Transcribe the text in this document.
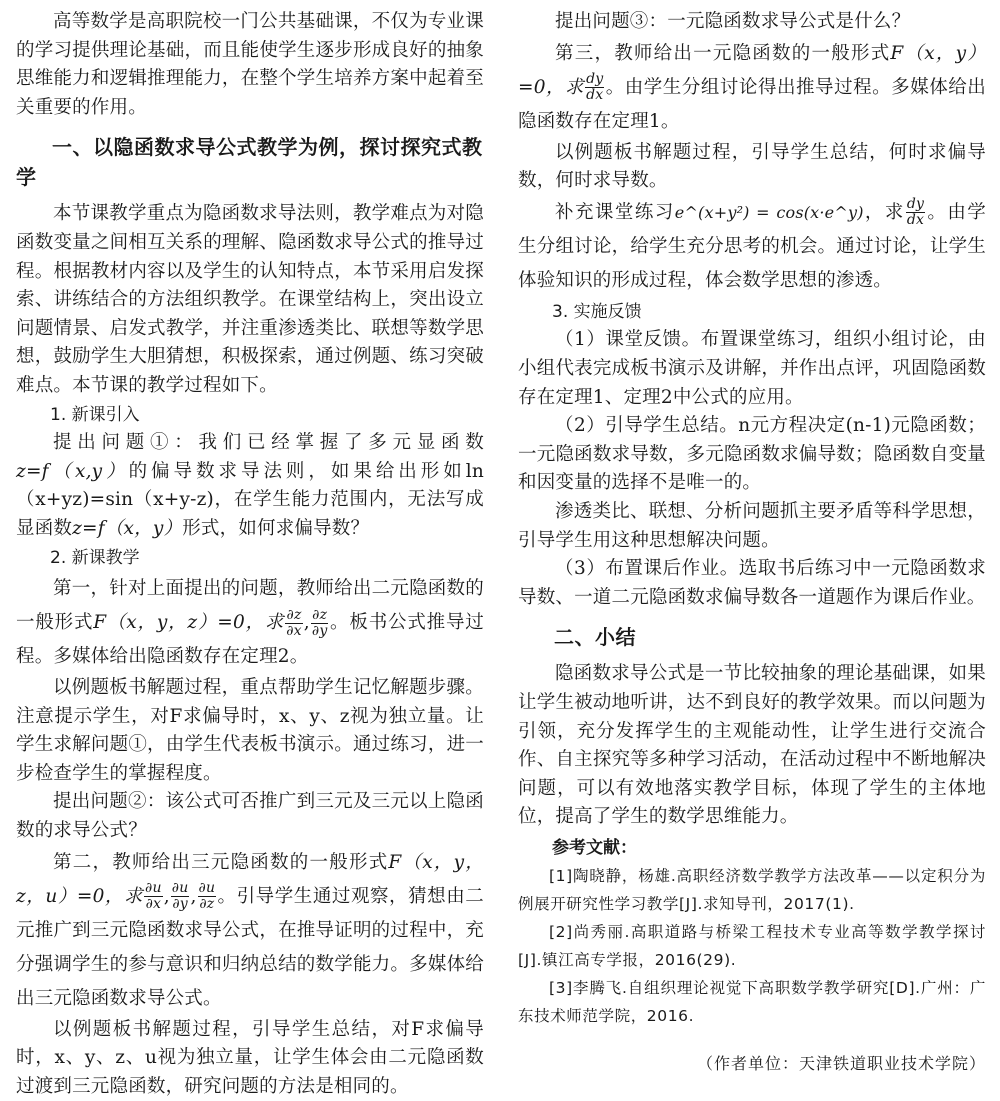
高等数学是高职院校一门公共基础课，不仅为专业课的学习提供理论基础，而且能使学生逐步形成良好的抽象思维能力和逻辑推理能力，在整个学生培养方案中起着至关重要的作用。

一、以隐函数求导公式教学为例，探讨探究式教学

本节课教学重点为隐函数求导法则，教学难点为对隐函数变量之间相互关系的理解、隐函数求导公式的推导过程。根据教材内容以及学生的认知特点，本节采用启发探索、讲练结合的方法组织教学。在课堂结构上，突出设立问题情景、启发式教学，并注重渗透类比、联想等数学思想，鼓励学生大胆猜想，积极探索，通过例题、练习突破难点。本节课的教学过程如下。

1. 新课引入

提出问题①：我们已经掌握了多元显函数z=f（x,y）的偏导数求导法则，如果给出形如ln（x+yz)=sin（x+y-z)，在学生能力范围内，无法写成显函数z=f（x，y）形式，如何求偏导数？

2. 新课教学

第一，针对上面提出的问题，教师给出二元隐函数的一般形式F（x，y，z）=0，求 $\frac{\partial z}{\partial x}$ , $\frac{\partial z}{\partial y}$ 。板书公式推导过程。多媒体给出隐函数存在定理2。

以例题板书解题过程，重点帮助学生记忆解题步骤。注意提示学生，对F求偏导时，x、y、z视为独立量。让学生求解问题①，由学生代表板书演示。通过练习，进一步检查学生的掌握程度。

提出问题②：该公式可否推广到三元及三元以上隐函数的求导公式？

第二，教师给出三元隐函数的一般形式F（x，y，z，u）=0，求 $\frac{\partial u}{\partial x}$ , $\frac{\partial u}{\partial y}$ , $\frac{\partial u}{\partial z}$ 。引导学生通过观察，猜想由二元推广到三元隐函数求导公式，在推导证明的过程中，充分强调学生的参与意识和归纳总结的数学能力。多媒体给出三元隐函数求导公式。

以例题板书解题过程，引导学生总结，对F求偏导时，x、y、z、u视为独立量，让学生体会由二元隐函数过渡到三元隐函数，研究问题的方法是相同的。

提出问题③：一元隐函数求导公式是什么？

第三，教师给出一元隐函数的一般形式F（x，y）=0，求 $\frac{dy}{dx}$ 。由学生分组讨论得出推导过程。多媒体给出隐函数存在定理1。

以例题板书解题过程，引导学生总结，何时求偏导数，何时求导数。

补充课堂练习e^(x+y²) = cos(x·e^y)，求 $\frac{dy}{dx}$ 。由学生分组讨论，给学生充分思考的机会。通过讨论，让学生体验知识的形成过程，体会数学思想的渗透。

3. 实施反馈

（1）课堂反馈。布置课堂练习，组织小组讨论，由小组代表完成板书演示及讲解，并作出点评，巩固隐函数存在定理1、定理2中公式的应用。

（2）引导学生总结。n元方程决定(n-1)元隐函数；一元隐函数求导数，多元隐函数求偏导数；隐函数自变量和因变量的选择不是唯一的。

渗透类比、联想、分析问题抓主要矛盾等科学思想，引导学生用这种思想解决问题。

（3）布置课后作业。选取书后练习中一元隐函数求导数、一道二元隐函数求偏导数各一道题作为课后作业。

二、小结

隐函数求导公式是一节比较抽象的理论基础课，如果让学生被动地听讲，达不到良好的教学效果。而以问题为引领，充分发挥学生的主观能动性，让学生进行交流合作、自主探究等多种学习活动，在活动过程中不断地解决问题，可以有效地落实教学目标，体现了学生的主体地位，提高了学生的数学思维能力。

参考文献：

[1]陶晓静，杨雄.高职经济数学教学方法改革——以定积分为例展开研究性学习教学[J].求知导刊，2017(1).

[2]尚秀丽.高职道路与桥梁工程技术专业高等数学教学探讨[J].镇江高专学报，2016(29).

[3]李腾飞.自组织理论视觉下高职数学教学研究[D].广州：广东技术师范学院，2016.

（作者单位：天津铁道职业技术学院）
